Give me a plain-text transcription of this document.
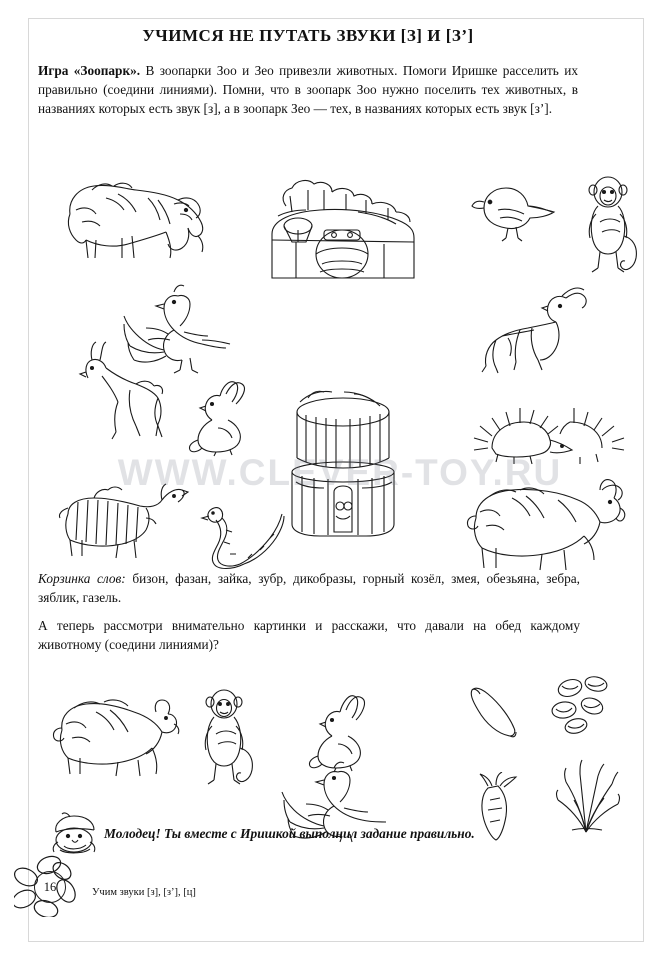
УЧИМСЯ НЕ ПУТАТЬ ЗВУКИ [З] И [З’]
Игра «Зоопарк». В зоопарки Зоо и Зео привезли животных. Помоги Иришке расселить их правильно (соедини линиями). Помни, что в зоопарк Зоо нужно поселить тех животных, в названиях которых есть звук [з], а в зоопарк Зео — тех, в названиях которых есть звук [з’].
WWW.CLEVER-TOY.RU
Корзинка слов: бизон, фазан, зайка, зубр, дикобразы, горный козёл, змея, обезьяна, зебра, зяблик, газель.
А теперь рассмотри внимательно картинки и расскажи, что давали на обед каждому животному (соедини линиями)?
Молодец! Ты вместе с Иришкой выполнил задание правильно.
16	Учим звуки [з], [з’], [ц]
